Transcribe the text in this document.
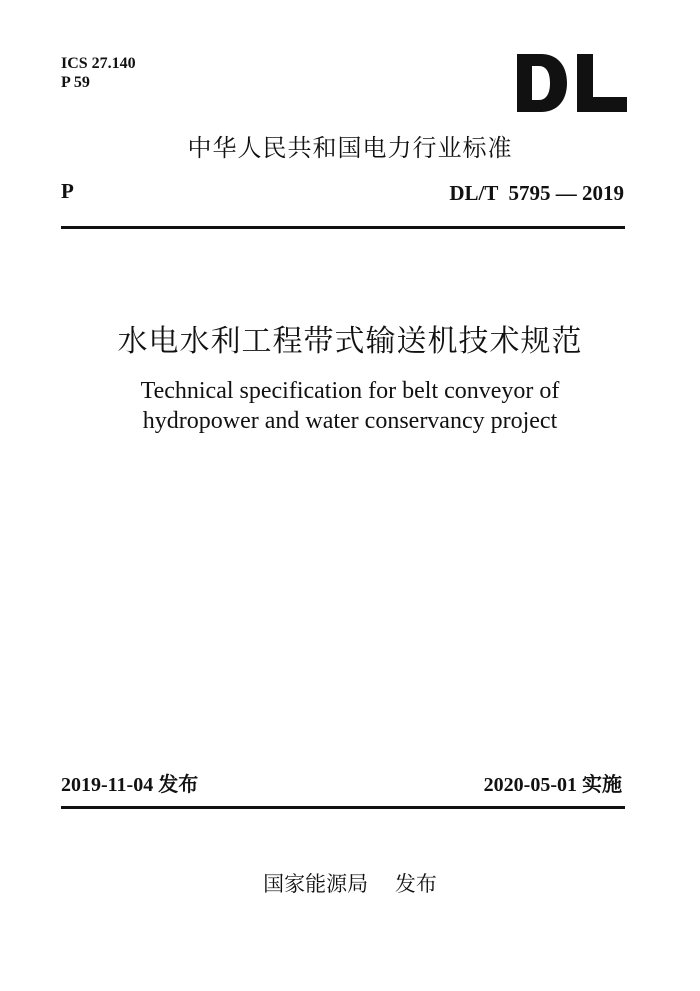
ICS 27.140
P 59
中华人民共和国电力行业标准
P	DL/T  5795 — 2019
水电水利工程带式输送机技术规范
Technical specification for belt conveyor of
hydropower and water conservancy project
2019-11-04 发布	2020-05-01 实施
国家能源局 发布
